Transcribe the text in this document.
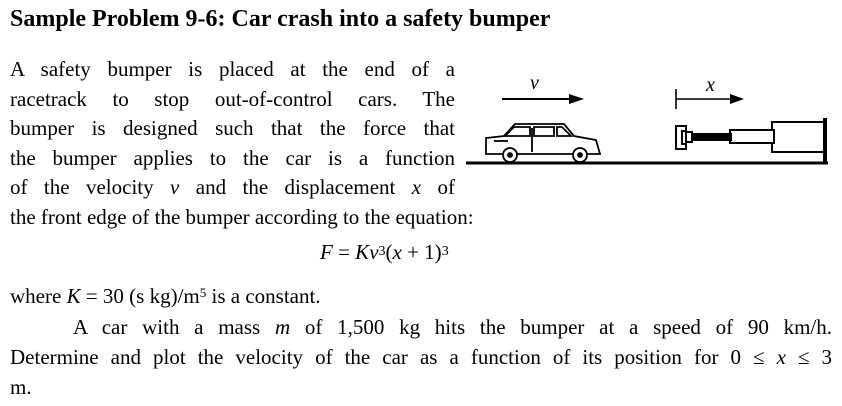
Sample Problem 9-6: Car crash into a safety bumper
A safety bumper is placed at the end of a
racetrack to stop out-of-control cars. The
bumper is designed such that the force that
the bumper applies to the car is a function
of the velocity v and the displacement x of
the front edge of the bumper according to the equation:
$F = Kv^3(x + 1)^3$
where K = 30 (s $kg)/m^5$ is a constant.
A car with a mass m of 1,500 kg hits the bumper at a speed of 90 km/h.
Determine and plot the velocity of the car as a function of its position for 0 ≤ x ≤ 3
m.
v	x
